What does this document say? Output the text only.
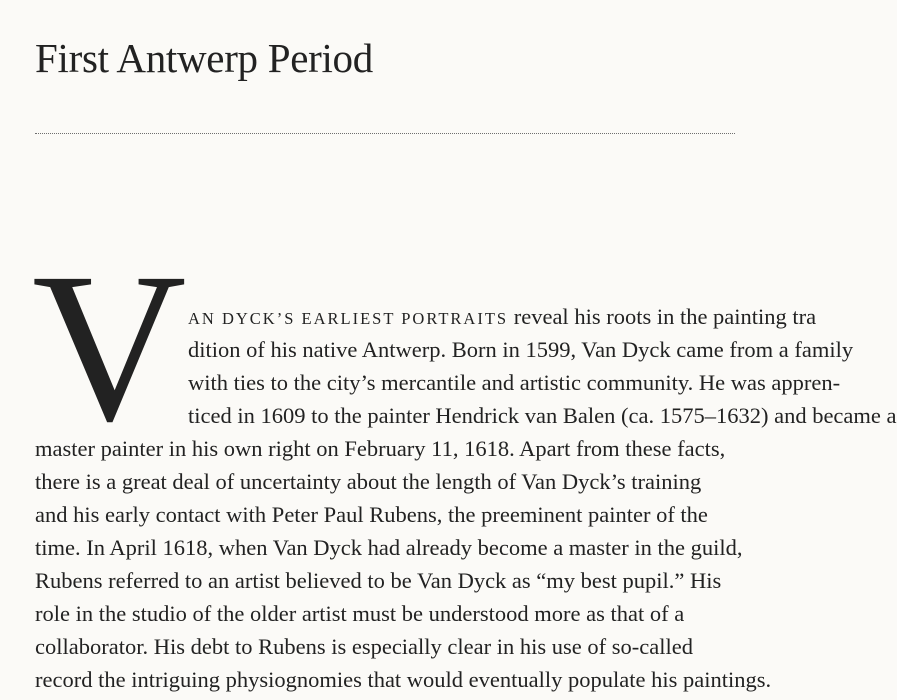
First Antwerp Period
V AN DYCK’S EARLIEST PORTRAITS reveal his roots in the painting tra
dition of his native Antwerp. Born in 1599, Van Dyck came from a family
with ties to the city’s mercantile and artistic community. He was appren-
ticed in 1609 to the painter Hendrick van Balen (ca. 1575–1632) and became a
master painter in his own right on February 11, 1618. Apart from these facts,
there is a great deal of uncertainty about the length of Van Dyck’s training
and his early contact with Peter Paul Rubens, the preeminent painter of the
time. In April 1618, when Van Dyck had already become a master in the guild,
Rubens referred to an artist believed to be Van Dyck as “my best pupil.” His
role in the studio of the older artist must be understood more as that of a
collaborator. His debt to Rubens is especially clear in his use of so-called
record the intriguing physiognomies that would eventually populate his paintings.
